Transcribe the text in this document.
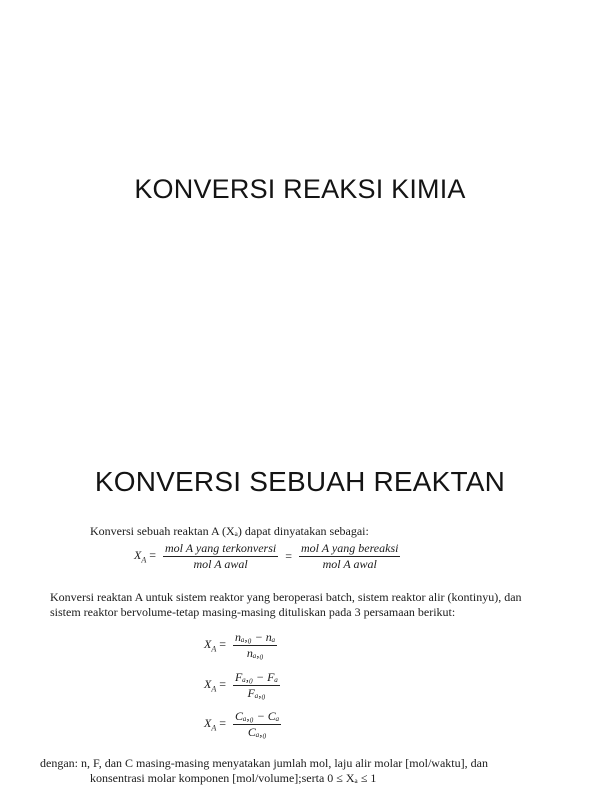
KONVERSI REAKSI KIMIA
KONVERSI SEBUAH REAKTAN
Konversi sebuah reaktan A (Xₐ) dapat dinyatakan sebagai:
$X_A = \frac{\text{mol A yang terkonversi}}{\text{mol A awal}} = \frac{\text{mol A yang bereaksi}}{\text{mol A awal}}$
Konversi reaktan A untuk sistem reaktor yang beroperasi batch, sistem reaktor alir (kontinyu), dan
sistem reaktor bervolume-tetap masing-masing dituliskan pada 3 persamaan berikut:
$X_A = \frac{\text{nₐ,₀ − nₐ}}{\text{nₐ,₀}}$
$X_A = \frac{\text{Fₐ,₀ − Fₐ}}{\text{Fₐ,₀}}$
$X_A = \frac{\text{Cₐ,₀ − Cₐ}}{\text{Cₐ,₀}}$
dengan: n, F, dan C masing-masing menyatakan jumlah mol, laju alir molar [mol/waktu], dan
konsentrasi molar komponen [mol/volume];serta 0 ≤ Xₐ ≤ 1
